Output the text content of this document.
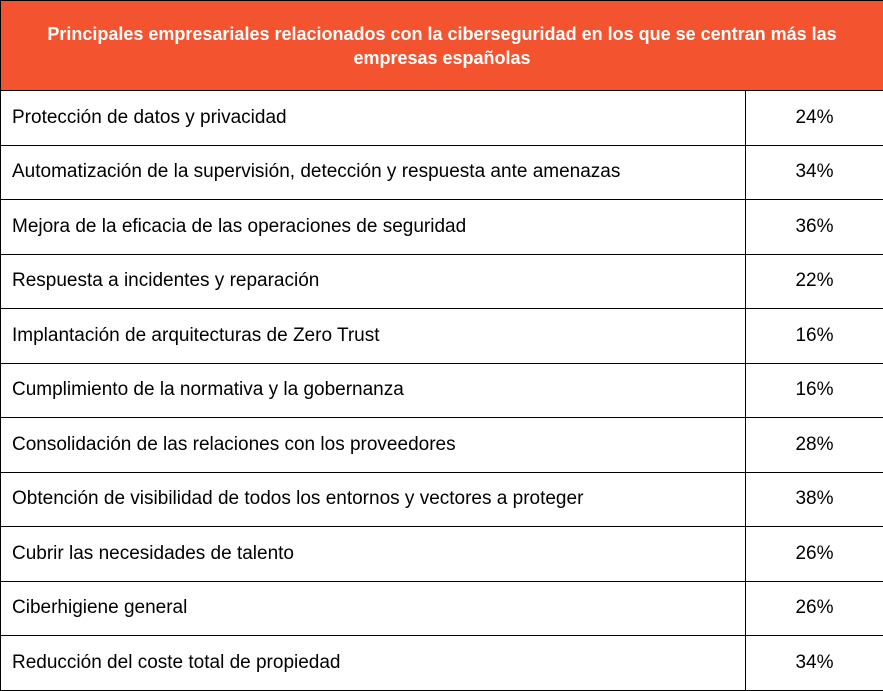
Principales empresariales relacionados con la ciberseguridad en los que se centran más las empresas españolas	
Protección de datos y privacidad	24%
Automatización de la supervisión, detección y respuesta ante amenazas	34%
Mejora de la eficacia de las operaciones de seguridad	36%
Respuesta a incidentes y reparación	22%
Implantación de arquitecturas de Zero Trust	16%
Cumplimiento de la normativa y la gobernanza	16%
Consolidación de las relaciones con los proveedores	28%
Obtención de visibilidad de todos los entornos y vectores a proteger	38%
Cubrir las necesidades de talento	26%
Ciberhigiene general	26%
Reducción del coste total de propiedad	34%
